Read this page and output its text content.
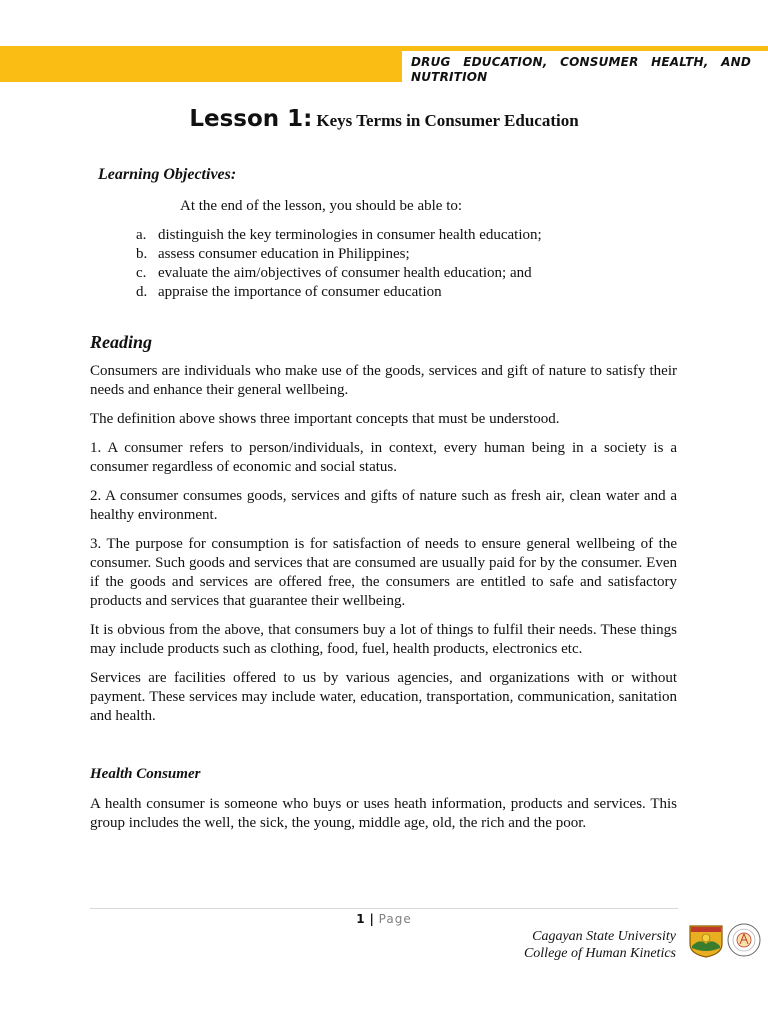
DRUG EDUCATION, CONSUMER HEALTH, AND NUTRITION
Lesson 1: Keys Terms in Consumer Education
Learning Objectives:
At the end of the lesson, you should be able to:
a. distinguish the key terminologies in consumer health education;
b. assess consumer education in Philippines;
c. evaluate the aim/objectives of consumer health education; and
d. appraise the importance of consumer education
Reading

Consumers are individuals who make use of the goods, services and gift of nature to satisfy their needs and enhance their general wellbeing.

The definition above shows three important concepts that must be understood.

1. A consumer refers to person/individuals, in context, every human being in a society is a consumer regardless of economic and social status.

2. A consumer consumes goods, services and gifts of nature such as fresh air, clean water and a healthy environment.

3. The purpose for consumption is for satisfaction of needs to ensure general wellbeing of the consumer. Such goods and services that are consumed are usually paid for by the consumer. Even if the goods and services are offered free, the consumers are entitled to safe and satisfactory products and services that guarantee their wellbeing.

It is obvious from the above, that consumers buy a lot of things to fulfil their needs. These things may include products such as clothing, food, fuel, health products, electronics etc.

Services are facilities offered to us by various agencies, and organizations with or without payment. These services may include water, education, transportation, communication, sanitation and health.

Health Consumer

A health consumer is someone who buys or uses heath information, products and services. This group includes the well, the sick, the young, middle age, old, the rich and the poor.

1 | Page
Cagayan State University
College of Human Kinetics
